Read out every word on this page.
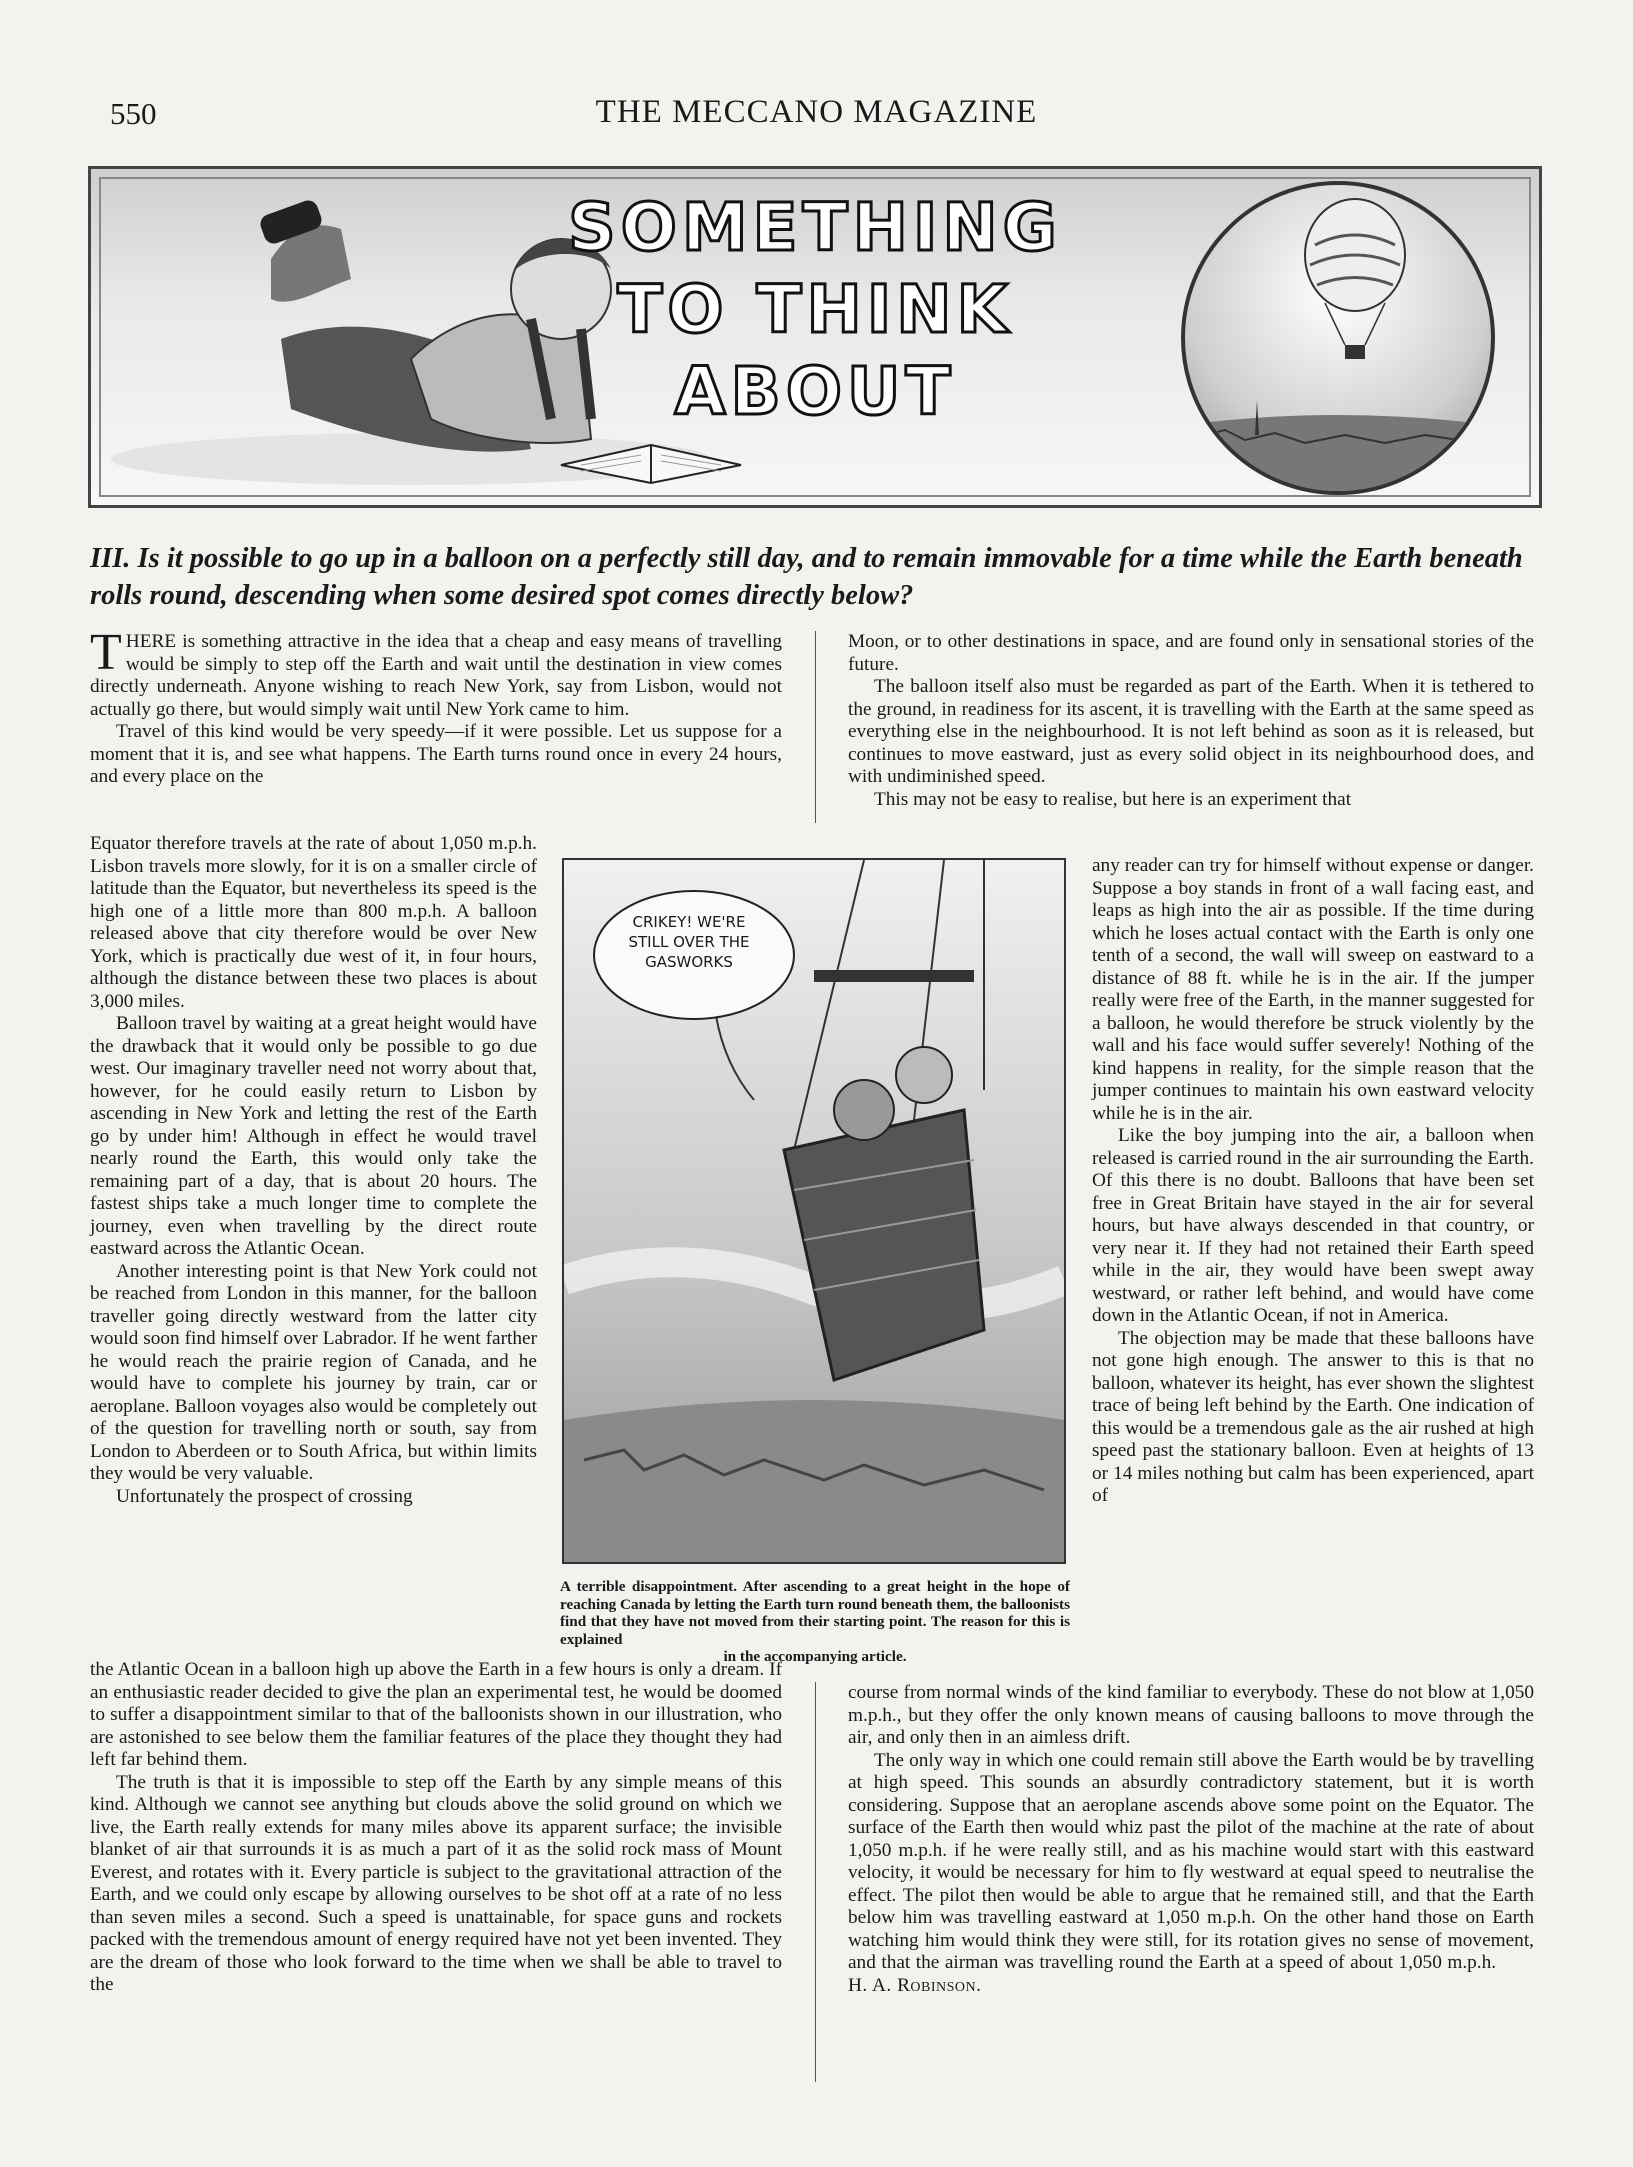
550	THE MECCANO MAGAZINE
SOMETHING
TO THINK
ABOUT
III. Is it possible to go up in a balloon on a perfectly still day, and to remain immovable for a time while the Earth beneath rolls round, descending when some desired spot comes directly below?

THERE is something attractive in the idea that a cheap and easy means of travelling would be simply to step off the Earth and wait until the destination in view comes directly underneath. Anyone wishing to reach New York, say from Lisbon, would not actually go there, but would simply wait until New York came to him.

Travel of this kind would be very speedy—if it were possible. Let us suppose for a moment that it is, and see what happens. The Earth turns round once in every 24 hours, and every place on the

Moon, or to other destinations in space, and are found only in sensational stories of the future.

The balloon itself also must be regarded as part of the Earth. When it is tethered to the ground, in readiness for its ascent, it is travelling with the Earth at the same speed as everything else in the neighbourhood. It is not left behind as soon as it is released, but continues to move eastward, just as every solid object in its neighbourhood does, and with undiminished speed.

This may not be easy to realise, but here is an experiment that

Equator therefore travels at the rate of about 1,050 m.p.h. Lisbon travels more slowly, for it is on a smaller circle of latitude than the Equator, but nevertheless its speed is the high one of a little more than 800 m.p.h. A balloon released above that city therefore would be over New York, which is practically due west of it, in four hours, although the distance between these two places is about 3,000 miles.

Balloon travel by waiting at a great height would have the drawback that it would only be possible to go due west. Our imaginary traveller need not worry about that, however, for he could easily return to Lisbon by ascending in New York and letting the rest of the Earth go by under him! Although in effect he would travel nearly round the Earth, this would only take the remaining part of a day, that is about 20 hours. The fastest ships take a much longer time to complete the journey, even when travelling by the direct route eastward across the Atlantic Ocean.

Another interesting point is that New York could not be reached from London in this manner, for the balloon traveller going directly westward from the latter city would soon find himself over Labrador. If he went farther he would reach the prairie region of Canada, and he would have to complete his journey by train, car or aeroplane. Balloon voyages also would be completely out of the question for travelling north or south, say from London to Aberdeen or to South Africa, but within limits they would be very valuable.

Unfortunately the prospect of crossing

CRIKEY! WE'RE STILL OVER THE GASWORKS
A terrible disappointment. After ascending to a great height in the hope of reaching Canada by letting the Earth turn round beneath them, the balloonists find that they have not moved from their starting point. The reason for this is explained
in the accompanying article.

any reader can try for himself without expense or danger. Suppose a boy stands in front of a wall facing east, and leaps as high into the air as possible. If the time during which he loses actual contact with the Earth is only one tenth of a second, the wall will sweep on eastward to a distance of 88 ft. while he is in the air. If the jumper really were free of the Earth, in the manner suggested for a balloon, he would therefore be struck violently by the wall and his face would suffer severely! Nothing of the kind happens in reality, for the simple reason that the jumper continues to maintain his own eastward velocity while he is in the air.

Like the boy jumping into the air, a balloon when released is carried round in the air surrounding the Earth. Of this there is no doubt. Balloons that have been set free in Great Britain have stayed in the air for several hours, but have always descended in that country, or very near it. If they had not retained their Earth speed while in the air, they would have been swept away westward, or rather left behind, and would have come down in the Atlantic Ocean, if not in America.

The objection may be made that these balloons have not gone high enough. The answer to this is that no balloon, whatever its height, has ever shown the slightest trace of being left behind by the Earth. One indication of this would be a tremendous gale as the air rushed at high speed past the stationary balloon. Even at heights of 13 or 14 miles nothing but calm has been experienced, apart of

the Atlantic Ocean in a balloon high up above the Earth in a few hours is only a dream. If an enthusiastic reader decided to give the plan an experimental test, he would be doomed to suffer a disappointment similar to that of the balloonists shown in our illustration, who are astonished to see below them the familiar features of the place they thought they had left far behind them.

The truth is that it is impossible to step off the Earth by any simple means of this kind. Although we cannot see anything but clouds above the solid ground on which we live, the Earth really extends for many miles above its apparent surface; the invisible blanket of air that surrounds it is as much a part of it as the solid rock mass of Mount Everest, and rotates with it. Every particle is subject to the gravitational attraction of the Earth, and we could only escape by allowing ourselves to be shot off at a rate of no less than seven miles a second. Such a speed is unattainable, for space guns and rockets packed with the tremendous amount of energy required have not yet been invented. They are the dream of those who look forward to the time when we shall be able to travel to the

course from normal winds of the kind familiar to everybody. These do not blow at 1,050 m.p.h., but they offer the only known means of causing balloons to move through the air, and only then in an aimless drift.

The only way in which one could remain still above the Earth would be by travelling at high speed. This sounds an absurdly contradictory statement, but it is worth considering. Suppose that an aeroplane ascends above some point on the Equator. The surface of the Earth then would whiz past the pilot of the machine at the rate of about 1,050 m.p.h. if he were really still, and as his machine would start with this eastward velocity, it would be necessary for him to fly westward at equal speed to neutralise the effect. The pilot then would be able to argue that he remained still, and that the Earth below him was travelling eastward at 1,050 m.p.h. On the other hand those on Earth watching him would think they were still, for its rotation gives no sense of movement, and that the airman was travelling round the Earth at a speed of about 1,050 m.p.h.        H. A. Robinson.
